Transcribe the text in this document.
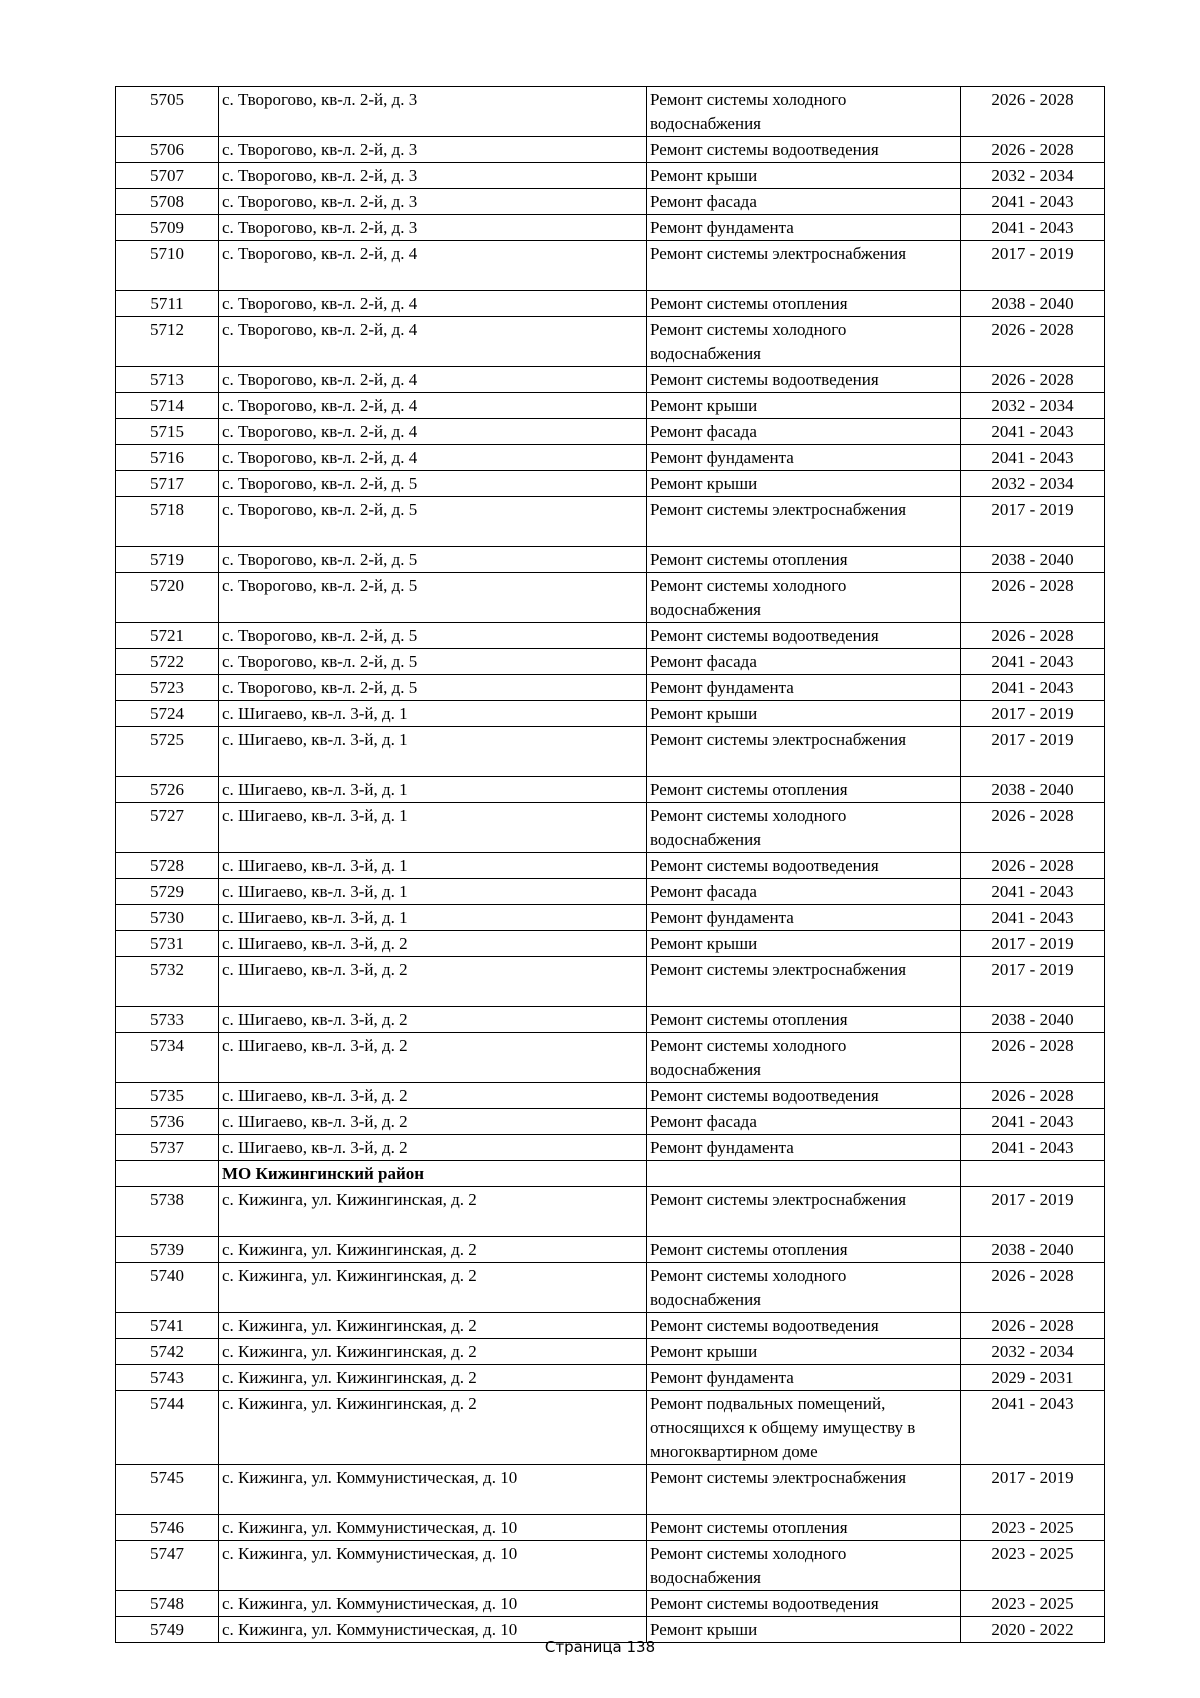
5705	с. Творогово, кв-л. 2-й, д. 3	Ремонт системы холодного водоснабжения	2026 - 2028
5706	с. Творогово, кв-л. 2-й, д. 3	Ремонт системы водоотведения	2026 - 2028
5707	с. Творогово, кв-л. 2-й, д. 3	Ремонт крыши	2032 - 2034
5708	с. Творогово, кв-л. 2-й, д. 3	Ремонт фасада	2041 - 2043
5709	с. Творогово, кв-л. 2-й, д. 3	Ремонт фундамента	2041 - 2043
5710	с. Творогово, кв-л. 2-й, д. 4	Ремонт системы электроснабжения	2017 - 2019
5711	с. Творогово, кв-л. 2-й, д. 4	Ремонт системы отопления	2038 - 2040
5712	с. Творогово, кв-л. 2-й, д. 4	Ремонт системы холодного водоснабжения	2026 - 2028
5713	с. Творогово, кв-л. 2-й, д. 4	Ремонт системы водоотведения	2026 - 2028
5714	с. Творогово, кв-л. 2-й, д. 4	Ремонт крыши	2032 - 2034
5715	с. Творогово, кв-л. 2-й, д. 4	Ремонт фасада	2041 - 2043
5716	с. Творогово, кв-л. 2-й, д. 4	Ремонт фундамента	2041 - 2043
5717	с. Творогово, кв-л. 2-й, д. 5	Ремонт крыши	2032 - 2034
5718	с. Творогово, кв-л. 2-й, д. 5	Ремонт системы электроснабжения	2017 - 2019
5719	с. Творогово, кв-л. 2-й, д. 5	Ремонт системы отопления	2038 - 2040
5720	с. Творогово, кв-л. 2-й, д. 5	Ремонт системы холодного водоснабжения	2026 - 2028
5721	с. Творогово, кв-л. 2-й, д. 5	Ремонт системы водоотведения	2026 - 2028
5722	с. Творогово, кв-л. 2-й, д. 5	Ремонт фасада	2041 - 2043
5723	с. Творогово, кв-л. 2-й, д. 5	Ремонт фундамента	2041 - 2043
5724	с. Шигаево, кв-л. 3-й, д. 1	Ремонт крыши	2017 - 2019
5725	с. Шигаево, кв-л. 3-й, д. 1	Ремонт системы электроснабжения	2017 - 2019
5726	с. Шигаево, кв-л. 3-й, д. 1	Ремонт системы отопления	2038 - 2040
5727	с. Шигаево, кв-л. 3-й, д. 1	Ремонт системы холодного водоснабжения	2026 - 2028
5728	с. Шигаево, кв-л. 3-й, д. 1	Ремонт системы водоотведения	2026 - 2028
5729	с. Шигаево, кв-л. 3-й, д. 1	Ремонт фасада	2041 - 2043
5730	с. Шигаево, кв-л. 3-й, д. 1	Ремонт фундамента	2041 - 2043
5731	с. Шигаево, кв-л. 3-й, д. 2	Ремонт крыши	2017 - 2019
5732	с. Шигаево, кв-л. 3-й, д. 2	Ремонт системы электроснабжения	2017 - 2019
5733	с. Шигаево, кв-л. 3-й, д. 2	Ремонт системы отопления	2038 - 2040
5734	с. Шигаево, кв-л. 3-й, д. 2	Ремонт системы холодного водоснабжения	2026 - 2028
5735	с. Шигаево, кв-л. 3-й, д. 2	Ремонт системы водоотведения	2026 - 2028
5736	с. Шигаево, кв-л. 3-й, д. 2	Ремонт фасада	2041 - 2043
5737	с. Шигаево, кв-л. 3-й, д. 2	Ремонт фундамента	2041 - 2043
	МО Кижингинский район		
5738	с. Кижинга, ул. Кижингинская, д. 2	Ремонт системы электроснабжения	2017 - 2019
5739	с. Кижинга, ул. Кижингинская, д. 2	Ремонт системы отопления	2038 - 2040
5740	с. Кижинга, ул. Кижингинская, д. 2	Ремонт системы холодного водоснабжения	2026 - 2028
5741	с. Кижинга, ул. Кижингинская, д. 2	Ремонт системы водоотведения	2026 - 2028
5742	с. Кижинга, ул. Кижингинская, д. 2	Ремонт крыши	2032 - 2034
5743	с. Кижинга, ул. Кижингинская, д. 2	Ремонт фундамента	2029 - 2031
5744	с. Кижинга, ул. Кижингинская, д. 2	Ремонт подвальных помещений, относящихся к общему имуществу в многоквартирном доме	2041 - 2043
5745	с. Кижинга, ул. Коммунистическая, д. 10	Ремонт системы электроснабжения	2017 - 2019
5746	с. Кижинга, ул. Коммунистическая, д. 10	Ремонт системы отопления	2023 - 2025
5747	с. Кижинга, ул. Коммунистическая, д. 10	Ремонт системы холодного водоснабжения	2023 - 2025
5748	с. Кижинга, ул. Коммунистическая, д. 10	Ремонт системы водоотведения	2023 - 2025
5749	с. Кижинга, ул. Коммунистическая, д. 10	Ремонт крыши	2020 - 2022
Страница 138
